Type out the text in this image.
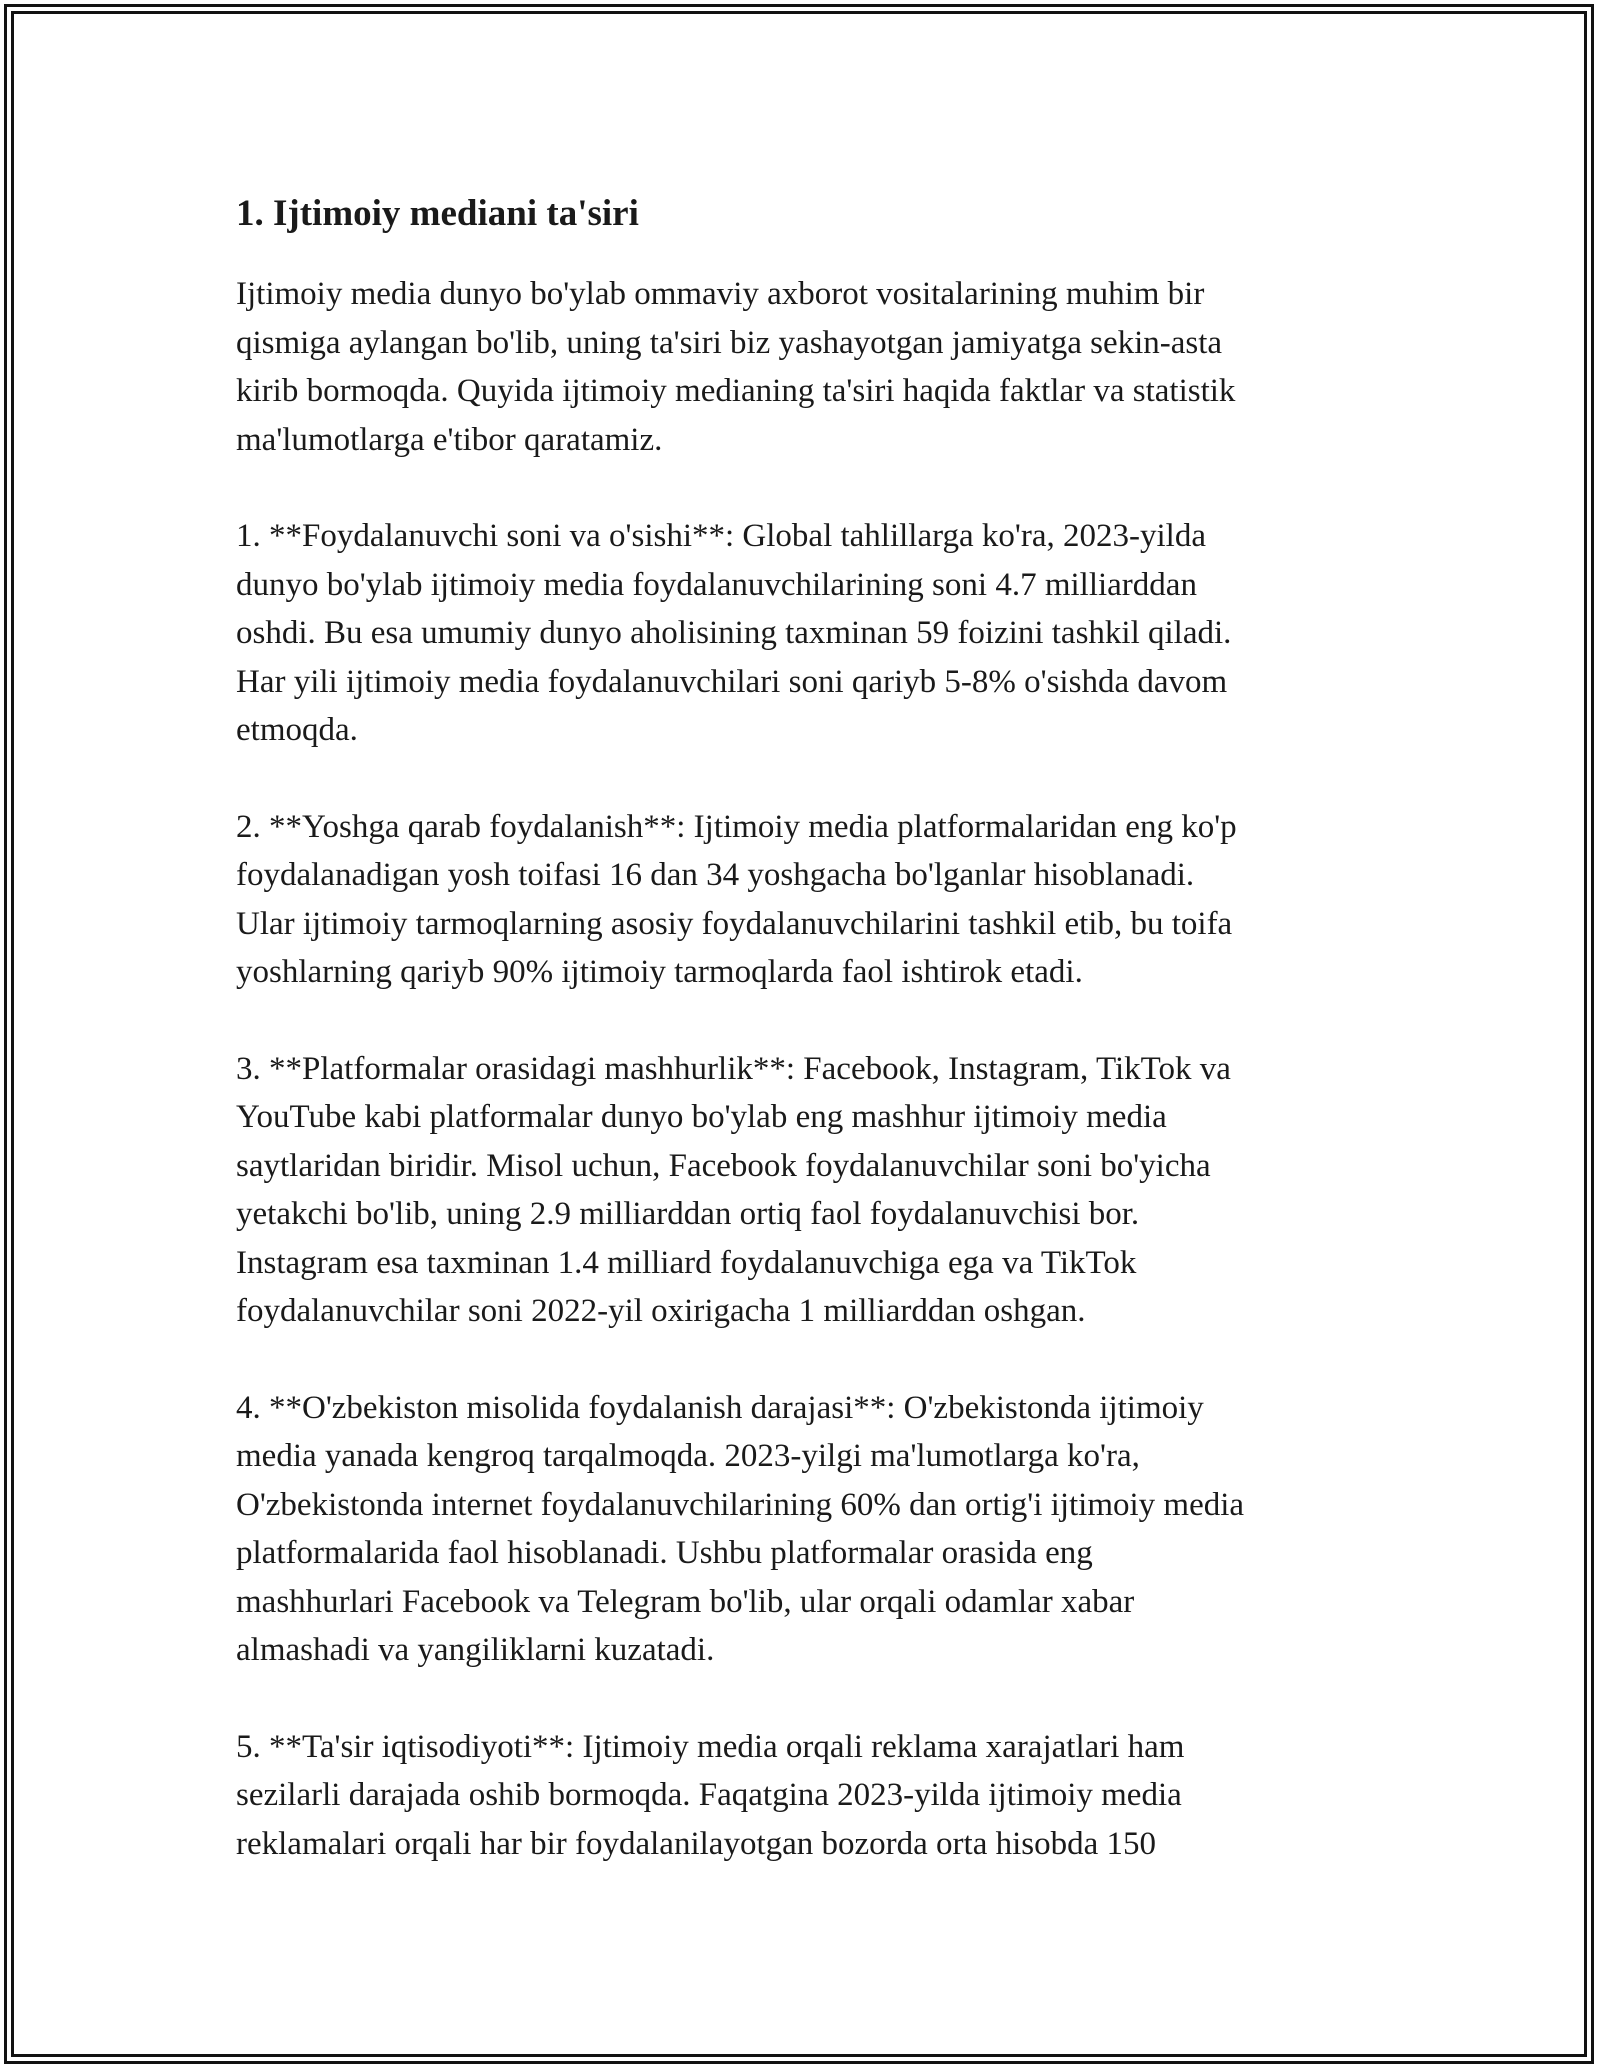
1. Ijtimoiy mediani ta'siri

Ijtimoiy media dunyo bo'ylab ommaviy axborot vositalarining muhim bir
qismiga aylangan bo'lib, uning ta'siri biz yashayotgan jamiyatga sekin-asta
kirib bormoqda. Quyida ijtimoiy medianing ta'siri haqida faktlar va statistik
ma'lumotlarga e'tibor qaratamiz.

1. **Foydalanuvchi soni va o'sishi**: Global tahlillarga ko'ra, 2023-yilda
dunyo bo'ylab ijtimoiy media foydalanuvchilarining soni 4.7 milliarddan
oshdi. Bu esa umumiy dunyo aholisining taxminan 59 foizini tashkil qiladi.
Har yili ijtimoiy media foydalanuvchilari soni qariyb 5-8% o'sishda davom
etmoqda.

2. **Yoshga qarab foydalanish**: Ijtimoiy media platformalaridan eng ko'p
foydalanadigan yosh toifasi 16 dan 34 yoshgacha bo'lganlar hisoblanadi.
Ular ijtimoiy tarmoqlarning asosiy foydalanuvchilarini tashkil etib, bu toifa
yoshlarning qariyb 90% ijtimoiy tarmoqlarda faol ishtirok etadi.

3. **Platformalar orasidagi mashhurlik**: Facebook, Instagram, TikTok va
YouTube kabi platformalar dunyo bo'ylab eng mashhur ijtimoiy media
saytlaridan biridir. Misol uchun, Facebook foydalanuvchilar soni bo'yicha
yetakchi bo'lib, uning 2.9 milliarddan ortiq faol foydalanuvchisi bor.
Instagram esa taxminan 1.4 milliard foydalanuvchiga ega va TikTok
foydalanuvchilar soni 2022-yil oxirigacha 1 milliarddan oshgan.

4. **O'zbekiston misolida foydalanish darajasi**: O'zbekistonda ijtimoiy
media yanada kengroq tarqalmoqda. 2023-yilgi ma'lumotlarga ko'ra,
O'zbekistonda internet foydalanuvchilarining 60% dan ortig'i ijtimoiy media
platformalarida faol hisoblanadi. Ushbu platformalar orasida eng
mashhurlari Facebook va Telegram bo'lib, ular orqali odamlar xabar
almashadi va yangiliklarni kuzatadi.

5. **Ta'sir iqtisodiyoti**: Ijtimoiy media orqali reklama xarajatlari ham
sezilarli darajada oshib bormoqda. Faqatgina 2023-yilda ijtimoiy media
reklamalari orqali har bir foydalanilayotgan bozorda orta hisobda 150
